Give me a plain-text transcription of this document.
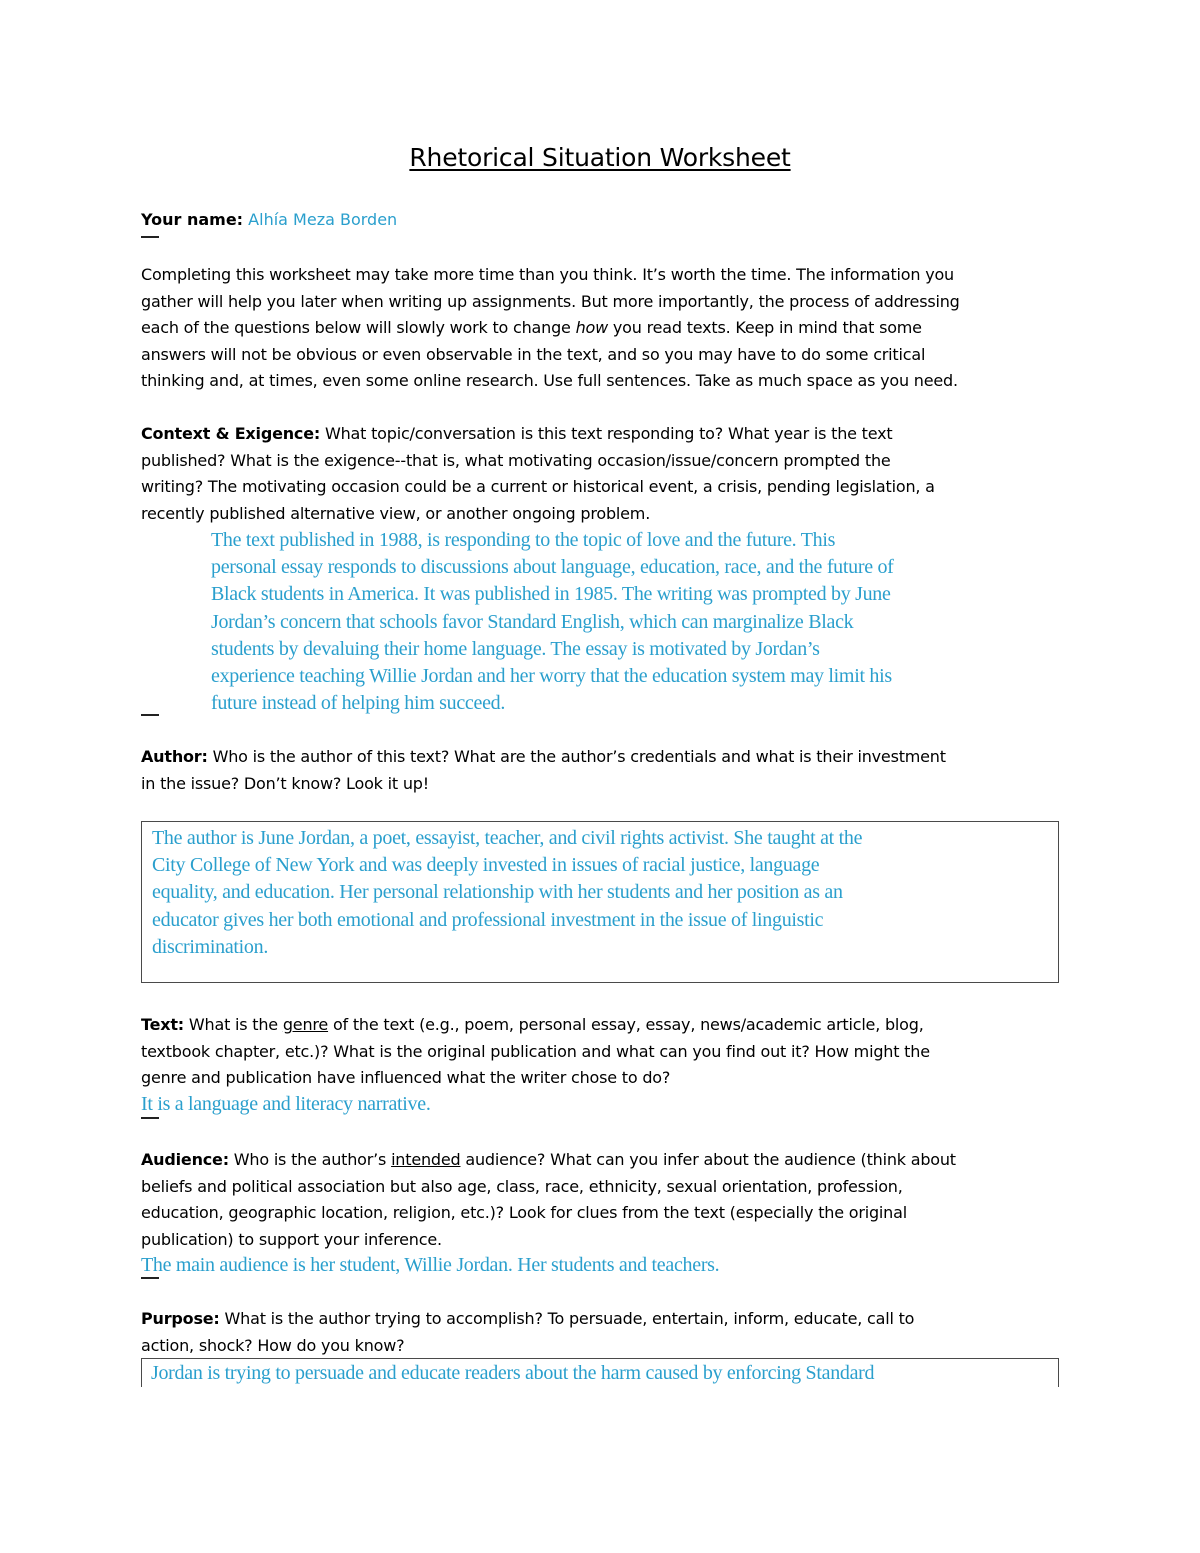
Rhetorical Situation Worksheet
Your name: Alhía Meza Borden
Completing this worksheet may take more time than you think. It’s worth the time. The information you
gather will help you later when writing up assignments. But more importantly, the process of addressing
each of the questions below will slowly work to change how you read texts. Keep in mind that some
answers will not be obvious or even observable in the text, and so you may have to do some critical
thinking and, at times, even some online research. Use full sentences. Take as much space as you need.
Context & Exigence: What topic/conversation is this text responding to? What year is the text
published? What is the exigence--that is, what motivating occasion/issue/concern prompted the
writing? The motivating occasion could be a current or historical event, a crisis, pending legislation, a
recently published alternative view, or another ongoing problem.
The text published in 1988, is responding to the topic of love and the future. This
personal essay responds to discussions about language, education, race, and the future of
Black students in America. It was published in 1985. The writing was prompted by June
Jordan’s concern that schools favor Standard English, which can marginalize Black
students by devaluing their home language. The essay is motivated by Jordan’s
experience teaching Willie Jordan and her worry that the education system may limit his
future instead of helping him succeed.
Author: Who is the author of this text? What are the author’s credentials and what is their investment
in the issue? Don’t know? Look it up!
The author is June Jordan, a poet, essayist, teacher, and civil rights activist. She taught at the
City College of New York and was deeply invested in issues of racial justice, language
equality, and education. Her personal relationship with her students and her position as an
educator gives her both emotional and professional investment in the issue of linguistic
discrimination.
Text: What is the genre of the text (e.g., poem, personal essay, essay, news/academic article, blog,
textbook chapter, etc.)? What is the original publication and what can you find out it? How might the
genre and publication have influenced what the writer chose to do?
It is a language and literacy narrative.
Audience: Who is the author’s intended audience? What can you infer about the audience (think about
beliefs and political association but also age, class, race, ethnicity, sexual orientation, profession,
education, geographic location, religion, etc.)? Look for clues from the text (especially the original
publication) to support your inference.
The main audience is her student, Willie Jordan. Her students and teachers.
Purpose: What is the author trying to accomplish? To persuade, entertain, inform, educate, call to
action, shock? How do you know?
Jordan is trying to persuade and educate readers about the harm caused by enforcing Standard
